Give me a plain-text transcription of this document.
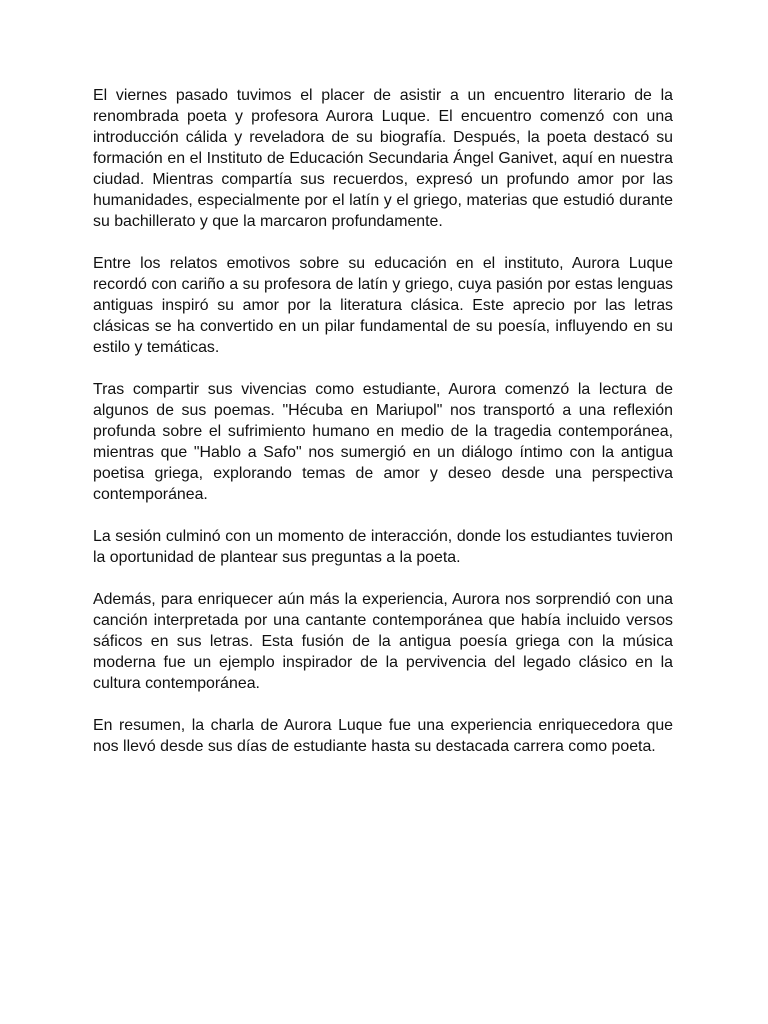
El viernes pasado tuvimos el placer de asistir a un encuentro literario de la renombrada poeta y profesora Aurora Luque. El encuentro comenzó con una introducción cálida y reveladora de su biografía. Después, la poeta destacó su formación en el Instituto de Educación Secundaria Ángel Ganivet, aquí en nuestra ciudad. Mientras compartía sus recuerdos, expresó un profundo amor por las humanidades, especialmente por el latín y el griego, materias que estudió durante su bachillerato y que la marcaron profundamente.

Entre los relatos emotivos sobre su educación en el instituto, Aurora Luque recordó con cariño a su profesora de latín y griego, cuya pasión por estas lenguas antiguas inspiró su amor por la literatura clásica. Este aprecio por las letras clásicas se ha convertido en un pilar fundamental de su poesía, influyendo en su estilo y temáticas.

Tras compartir sus vivencias como estudiante, Aurora comenzó la lectura de algunos de sus poemas. "Hécuba en Mariupol" nos transportó a una reflexión profunda sobre el sufrimiento humano en medio de la tragedia contemporánea, mientras que "Hablo a Safo" nos sumergió en un diálogo íntimo con la antigua poetisa griega, explorando temas de amor y deseo desde una perspectiva contemporánea.

La sesión culminó con un momento de interacción, donde los estudiantes tuvieron la oportunidad de plantear sus preguntas a la poeta.

Además, para enriquecer aún más la experiencia, Aurora nos sorprendió con una canción interpretada por una cantante contemporánea que había incluido versos sáficos en sus letras. Esta fusión de la antigua poesía griega con la música moderna fue un ejemplo inspirador de la pervivencia del legado clásico en la cultura contemporánea.

En resumen, la charla de Aurora Luque fue una experiencia enriquecedora que nos llevó desde sus días de estudiante hasta su destacada carrera como poeta.
